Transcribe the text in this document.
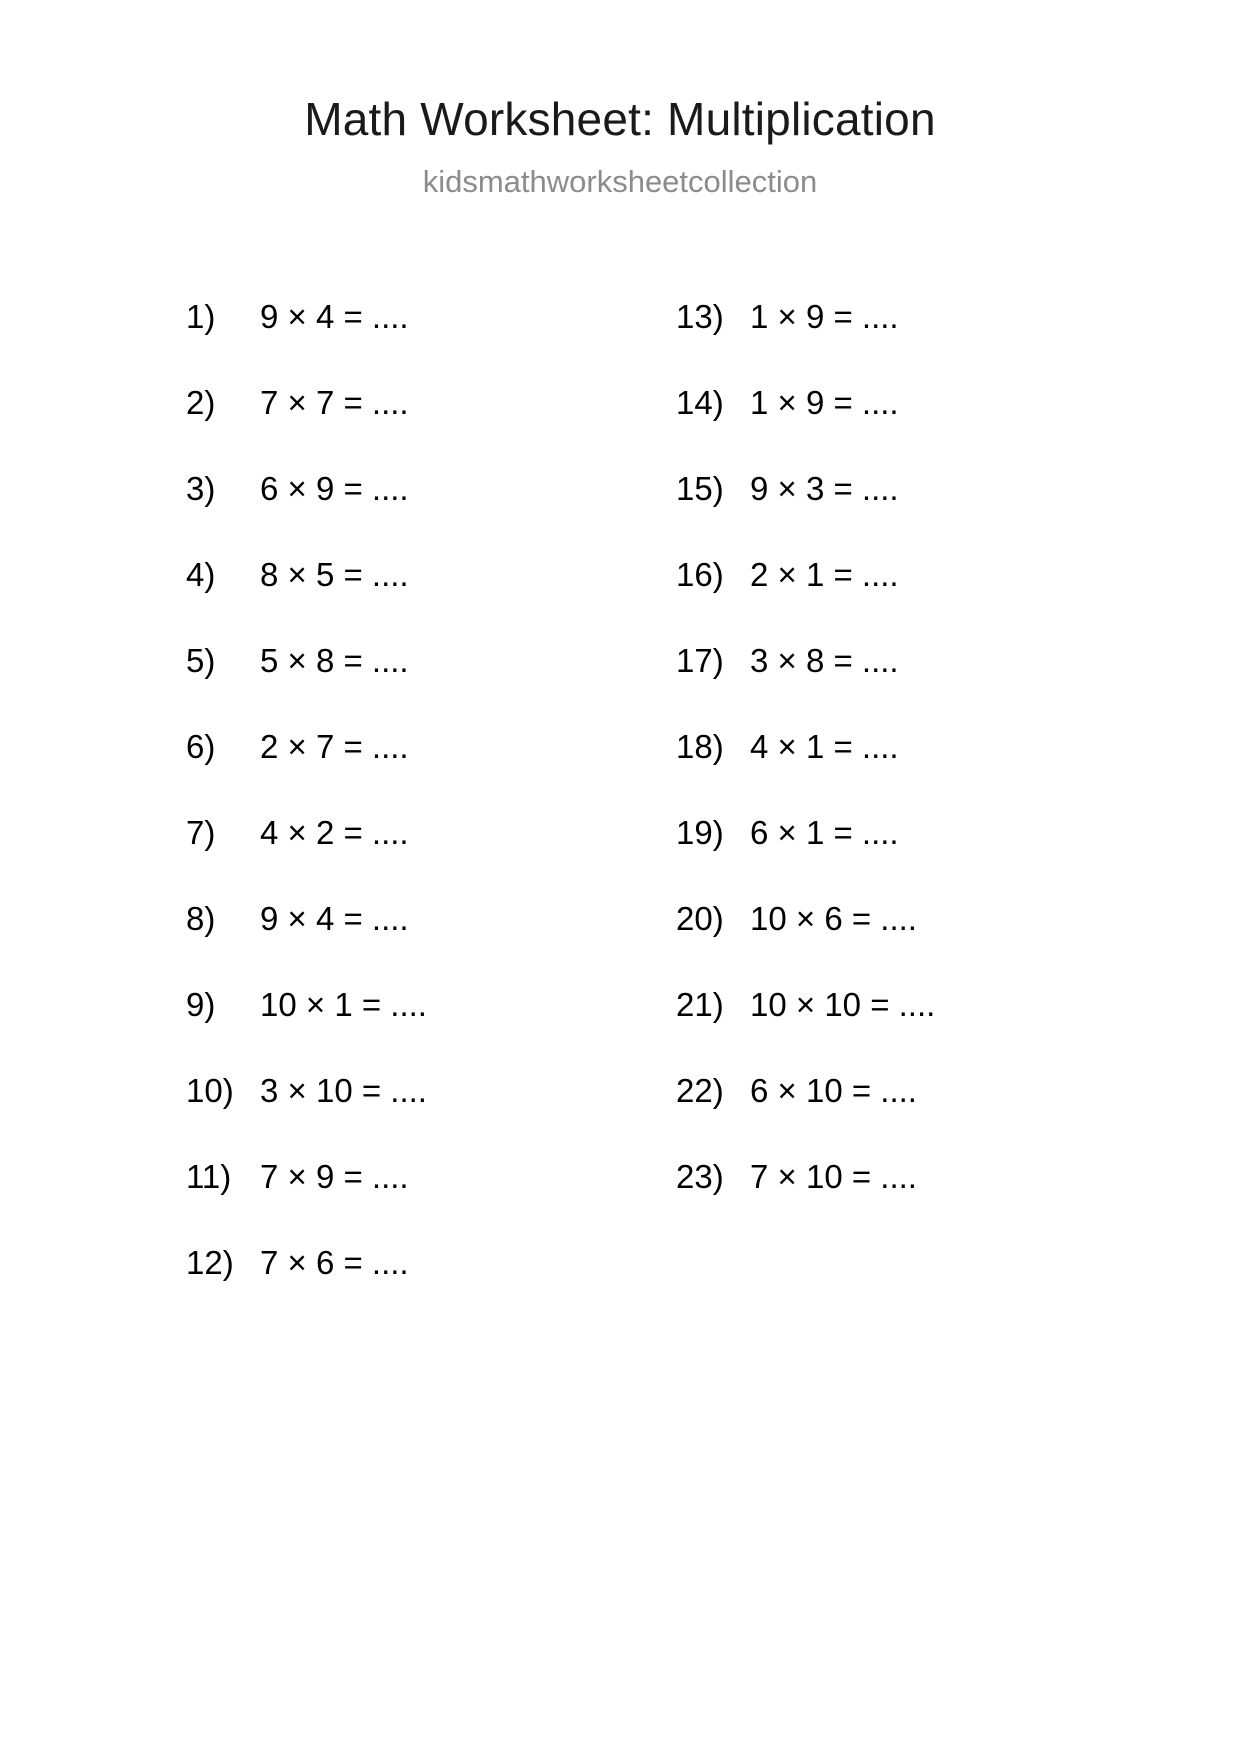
Math Worksheet: Multiplication
kidsmathworksheetcollection
1)	9 × 4 = ....
2)	7 × 7 = ....
3)	6 × 9 = ....
4)	8 × 5 = ....
5)	5 × 8 = ....
6)	2 × 7 = ....
7)	4 × 2 = ....
8)	9 × 4 = ....
9)	10 × 1 = ....
10) 3 × 10 = ....
11) 7 × 9 = ....
12) 7 × 6 = ....
13) 1 × 9 = ....
14) 1 × 9 = ....
15) 9 × 3 = ....
16) 2 × 1 = ....
17) 3 × 8 = ....
18) 4 × 1 = ....
19) 6 × 1 = ....
20) 10 × 6 = ....
21) 10 × 10 = ....
22) 6 × 10 = ....
23) 7 × 10 = ....
